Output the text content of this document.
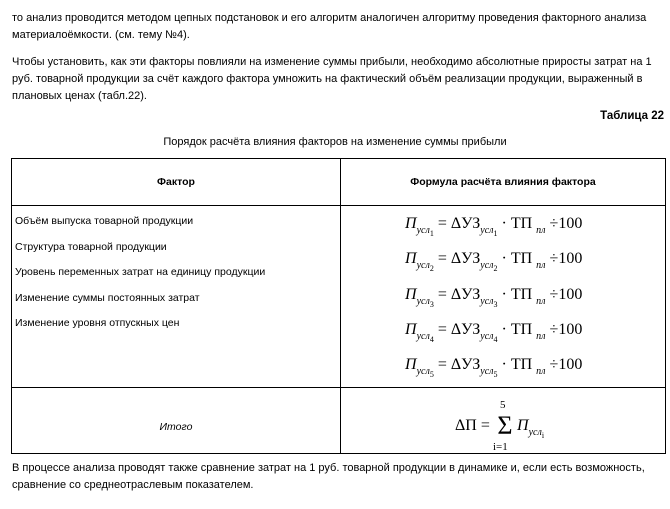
то анализ проводится методом цепных подстановок и его алгоритм аналогичен алгоритму проведения факторного анализа материалоёмкости. (см. тему №4).

Чтобы установить, как эти факторы повлияли на изменение суммы прибыли, необходимо абсолютные приросты затрат на 1 руб. товарной продукции за счёт каждого фактора умножить на фактический объём реализации продукции, выраженный в плановых ценах (табл.22).

Таблица 22
Порядок расчёта влияния факторов на изменение суммы прибыли
Фактор	Формула расчёта влияния фактора
Объём выпуска товарной продукции
Структура товарной продукции
Уровень переменных затрат на единицу продукции
Изменение суммы постоянных затрат
Изменение уровня отпускных цен
$П_{усл_1} = \Delta УЗ_{усл_1}$ · ТП $_{пл}$ ÷100
$П_{усл_2} = \Delta УЗ_{усл_2}$ · ТП $_{пл}$ ÷100
$П_{усл_3} = \Delta УЗ_{усл_3}$ · ТП $_{пл}$ ÷100
$П_{усл_4} = \Delta УЗ_{усл_4}$ · ТП $_{пл}$ ÷100
$П_{усл_5} = \Delta УЗ_{усл_5}$ · ТП $_{пл}$ ÷100
Итого
5
Σ
i=1
$\Delta П = П_{усл_i}$

В процессе анализа проводят также сравнение затрат на 1 руб. товарной продукции в динамике и, если есть возможность, сравнение со среднеотраслевым показателем.
